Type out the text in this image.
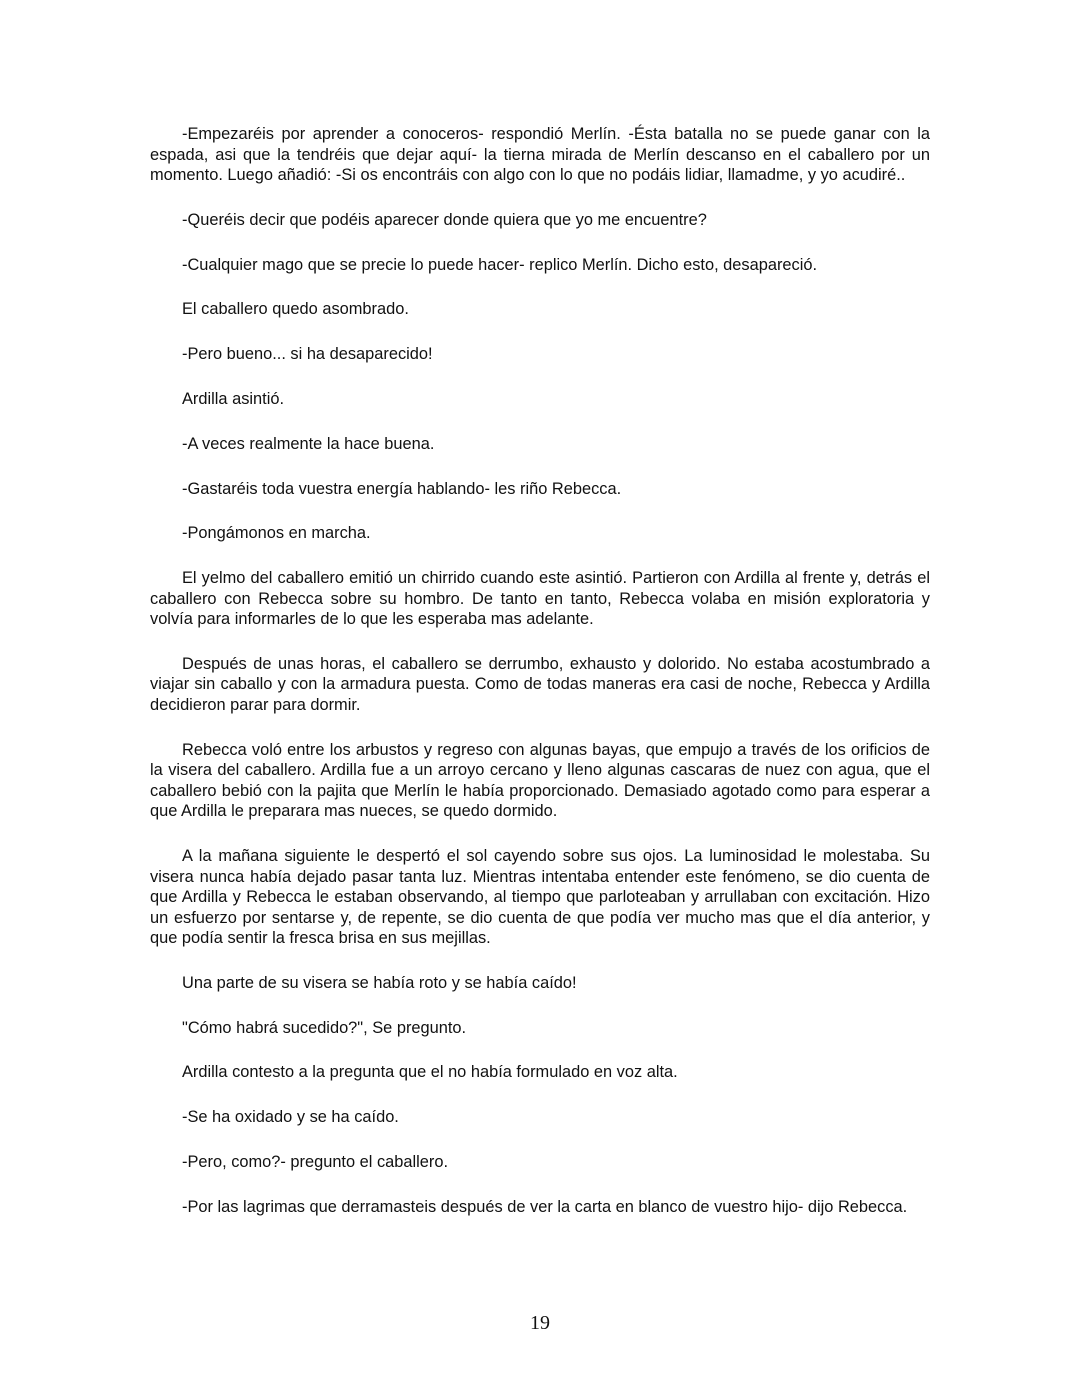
-Empezaréis por aprender a conoceros- respondió Merlín. -Ésta batalla no se puede ganar con la espada, asi que la tendréis que dejar aquí- la tierna mirada de Merlín descanso en el caballero por un momento. Luego añadió: -Si os encontráis con algo con lo que no podáis lidiar, llamadme, y yo acudiré..

-Queréis decir que podéis aparecer donde quiera que yo me encuentre?

-Cualquier mago que se precie lo puede hacer- replico Merlín. Dicho esto, desapareció.

El caballero quedo asombrado.

-Pero bueno... si ha desaparecido!

Ardilla asintió.

-A veces realmente la hace buena.

-Gastaréis toda vuestra energía hablando- les riño Rebecca.

-Pongámonos en marcha.

El yelmo del caballero emitió un chirrido cuando este asintió. Partieron con Ardilla al frente y, detrás el caballero con Rebecca sobre su hombro. De tanto en tanto, Rebecca volaba en misión exploratoria y volvía para informarles de lo que les esperaba mas adelante.

Después de unas horas, el caballero se derrumbo, exhausto y dolorido. No estaba acostumbrado a viajar sin caballo y con la armadura puesta. Como de todas maneras era casi de noche, Rebecca y Ardilla decidieron parar para dormir.

Rebecca voló entre los arbustos y regreso con algunas bayas, que empujo a través de los orificios de la visera del caballero. Ardilla fue a un arroyo cercano y lleno algunas cascaras de nuez con agua, que el caballero bebió con la pajita que Merlín le había proporcionado. Demasiado agotado como para esperar a que Ardilla le preparara mas nueces, se quedo dormido.

A la mañana siguiente le despertó el sol cayendo sobre sus ojos. La luminosidad le molestaba. Su visera nunca había dejado pasar tanta luz. Mientras intentaba entender este fenómeno, se dio cuenta de que Ardilla y Rebecca le estaban observando, al tiempo que parloteaban y arrullaban con excitación. Hizo un esfuerzo por sentarse y, de repente, se dio cuenta de que podía ver mucho mas que el día anterior, y que podía sentir la fresca brisa en sus mejillas.

Una parte de su visera se había roto y se había caído!

"Cómo habrá sucedido?", Se pregunto.

Ardilla contesto a la pregunta que el no había formulado en voz alta.

-Se ha oxidado y se ha caído.

-Pero, como?- pregunto el caballero.

-Por las lagrimas que derramasteis después de ver la carta en blanco de vuestro hijo- dijo Rebecca.

19
